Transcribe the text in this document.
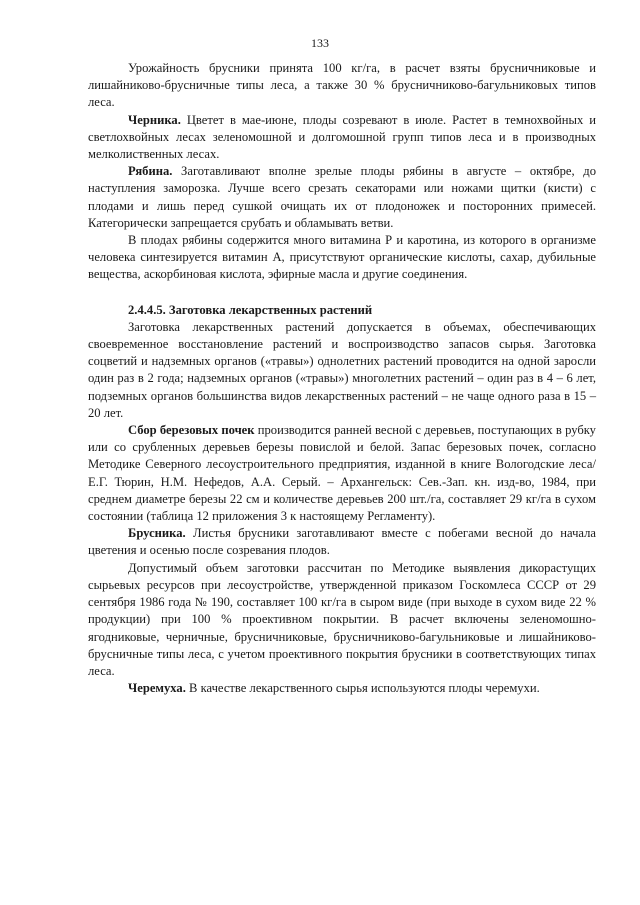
133

Урожайность брусники принята 100 кг/га, в расчет взяты брусничниковые и лишайниково-брусничные типы леса, а также 30 % брусничниково-багульниковых типов леса.

Черника. Цветет в мае-июне, плоды созревают в июле. Растет в темнохвойных и светлохвойных лесах зеленомошной и долгомошной групп типов леса и в производных мелколиственных лесах.

Рябина. Заготавливают вполне зрелые плоды рябины в августе – октябре, до наступления заморозка. Лучше всего срезать секаторами или ножами щитки (кисти) с плодами и лишь перед сушкой очищать их от плодоножек и посторонних примесей. Категорически запрещается срубать и обламывать ветви.

В плодах рябины содержится много витамина Р и каротина, из которого в организме человека синтезируется витамин А, присутствуют органические кислоты, сахар, дубильные вещества, аскорбиновая кислота, эфирные масла и другие соединения.

2.4.4.5. Заготовка лекарственных растений

Заготовка лекарственных растений допускается в объемах, обеспечивающих своевременное восстановление растений и воспроизводство запасов сырья. Заготовка соцветий и надземных органов («травы») однолетних растений проводится на одной заросли один раз в 2 года; надземных органов («травы») многолетних растений – один раз в 4 – 6 лет, подземных органов большинства видов лекарственных растений – не чаще одного раза в 15 – 20 лет.

Сбор березовых почек производится ранней весной с деревьев, поступающих в рубку или со срубленных деревьев березы повислой и белой. Запас березовых почек, согласно Методике Северного лесоустроительного предприятия, изданной в книге Вологодские леса/ Е.Г. Тюрин, Н.М. Нефедов, А.А. Серый. – Архангельск: Сев.-Зап. кн. изд-во, 1984, при среднем диаметре березы 22 см и количестве деревьев 200 шт./га, составляет 29 кг/га в сухом состоянии (таблица 12 приложения 3 к настоящему Регламенту).

Брусника. Листья брусники заготавливают вместе с побегами весной до начала цветения и осенью после созревания плодов.

Допустимый объем заготовки рассчитан по Методике выявления дикорастущих сырьевых ресурсов при лесоустройстве, утвержденной приказом Госкомлеса СССР от 29 сентября 1986 года № 190, составляет 100 кг/га в сыром виде (при выходе в сухом виде 22 % продукции) при 100 % проективном покрытии. В расчет включены зеленомошно-ягодниковые, черничные, брусничниковые, брусничниково-багульниковые и лишайниково-брусничные типы леса, с учетом проективного покрытия брусники в соответствующих типах леса.

Черемуха. В качестве лекарственного сырья используются плоды черемухи.
